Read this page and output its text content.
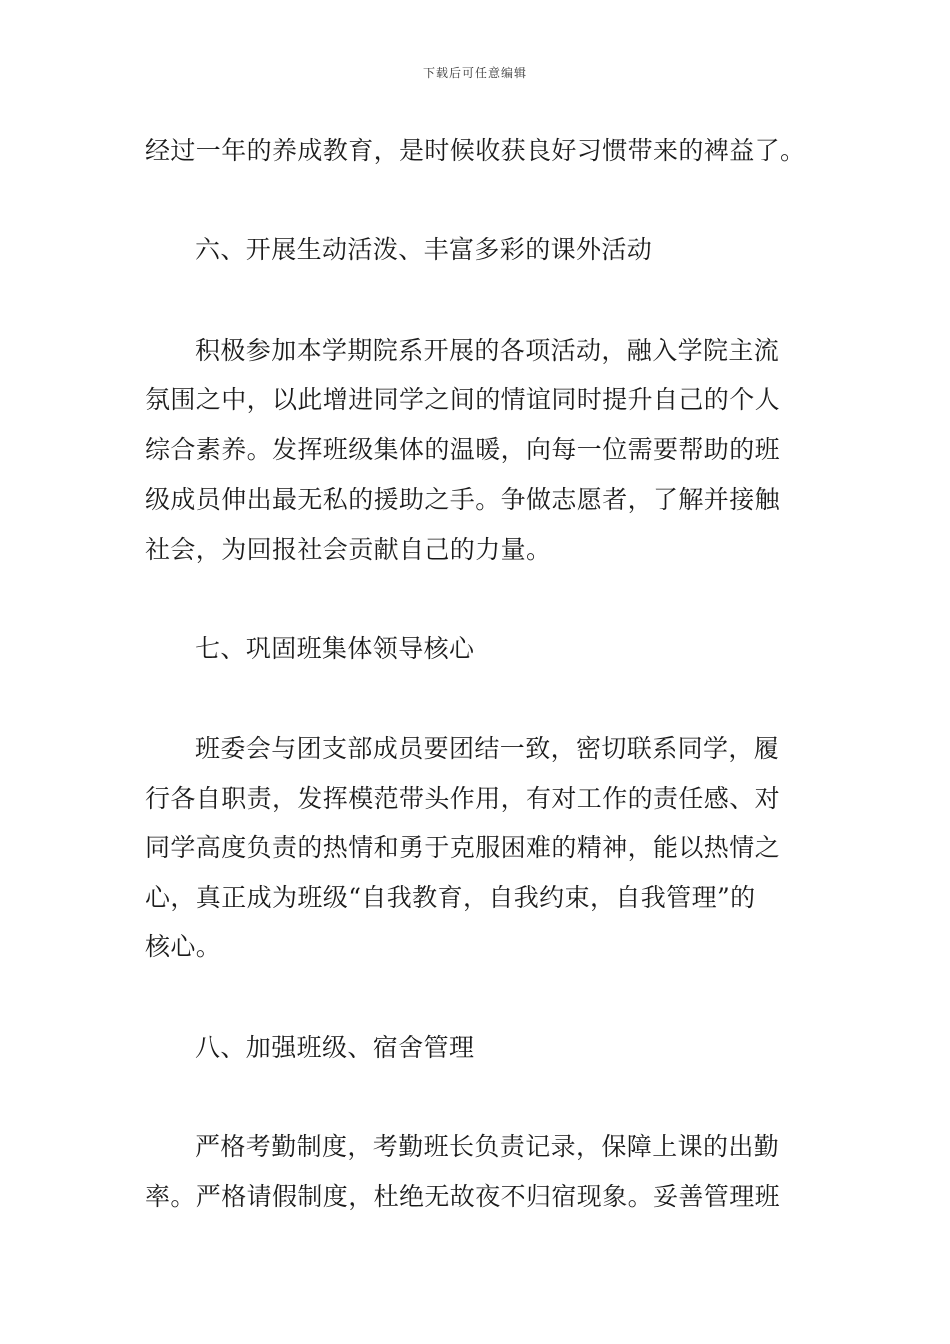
下载后可任意编辑
经过一年的养成教育，是时候收获良好习惯带来的裨益了。
六、开展生动活泼、丰富多彩的课外活动
积极参加本学期院系开展的各项活动，融入学院主流
氛围之中，以此增进同学之间的情谊同时提升自己的个人
综合素养。发挥班级集体的温暖，向每一位需要帮助的班
级成员伸出最无私的援助之手。争做志愿者，了解并接触
社会，为回报社会贡献自己的力量。
七、巩固班集体领导核心
班委会与团支部成员要团结一致，密切联系同学，履
行各自职责，发挥模范带头作用，有对工作的责任感、对
同学高度负责的热情和勇于克服困难的精神，能以热情之
心，真正成为班级“自我教育，自我约束，自我管理”的
核心。
八、加强班级、宿舍管理
严格考勤制度，考勤班长负责记录，保障上课的出勤
率。严格请假制度，杜绝无故夜不归宿现象。妥善管理班
